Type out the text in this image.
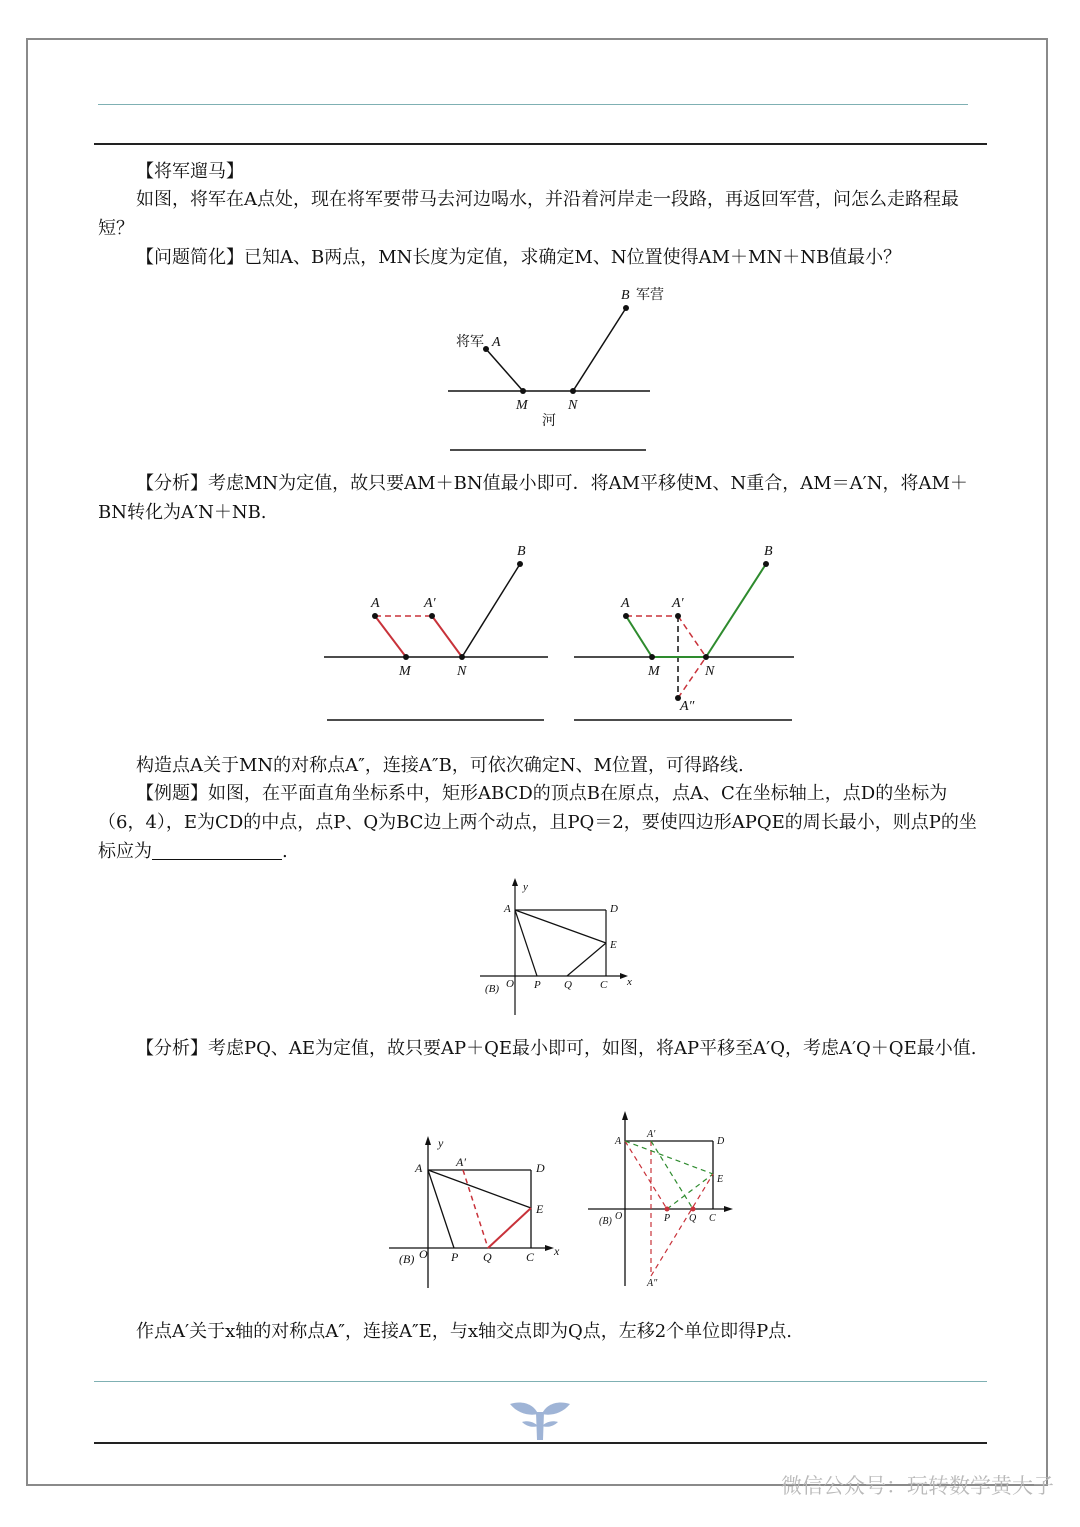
【将军遛马】
如图，将军在A点处，现在将军要带马去河边喝水，并沿着河岸走一段路，再返回军营，问怎么走路程最短？
【问题简化】已知A、B两点，MN长度为定值，求确定M、N位置使得AM＋MN＋NB值最小？
将军 A
B 军营
M	N
河
【分析】考虑MN为定值，故只要AM＋BN值最小即可．将AM平移使M、N重合，AM＝A′N，将AM＋BN转化为A′N＋NB.
B
A	A′
M	N
B
A	A′
M	N
A″
构造点A关于MN的对称点A″，连接A″B，可依次确定N、M位置，可得路线.
【例题】如图，在平面直角坐标系中，矩形ABCD的顶点B在原点，点A、C在坐标轴上，点D的坐标为（6，4），E为CD的中点，点P、Q为BC边上两个动点，且PQ＝2，要使四边形APQE的周长最小，则点P的坐标应为	.
y
x
A	D
E
O
(B)	P Q	C
【分析】考虑PQ、AE为定值，故只要AP＋QE最小即可，如图，将AP平移至A′Q，考虑A′Q＋QE最小值.
y
x
A	A′	D
E
O
(B)	P Q	C
A
A′
D
E
O
(B)	P Q C
A″
作点A′关于x轴的对称点A″，连接A″E，与x轴交点即为Q点，左移2个单位即得P点.
微信公众号：玩转数学黄大子
